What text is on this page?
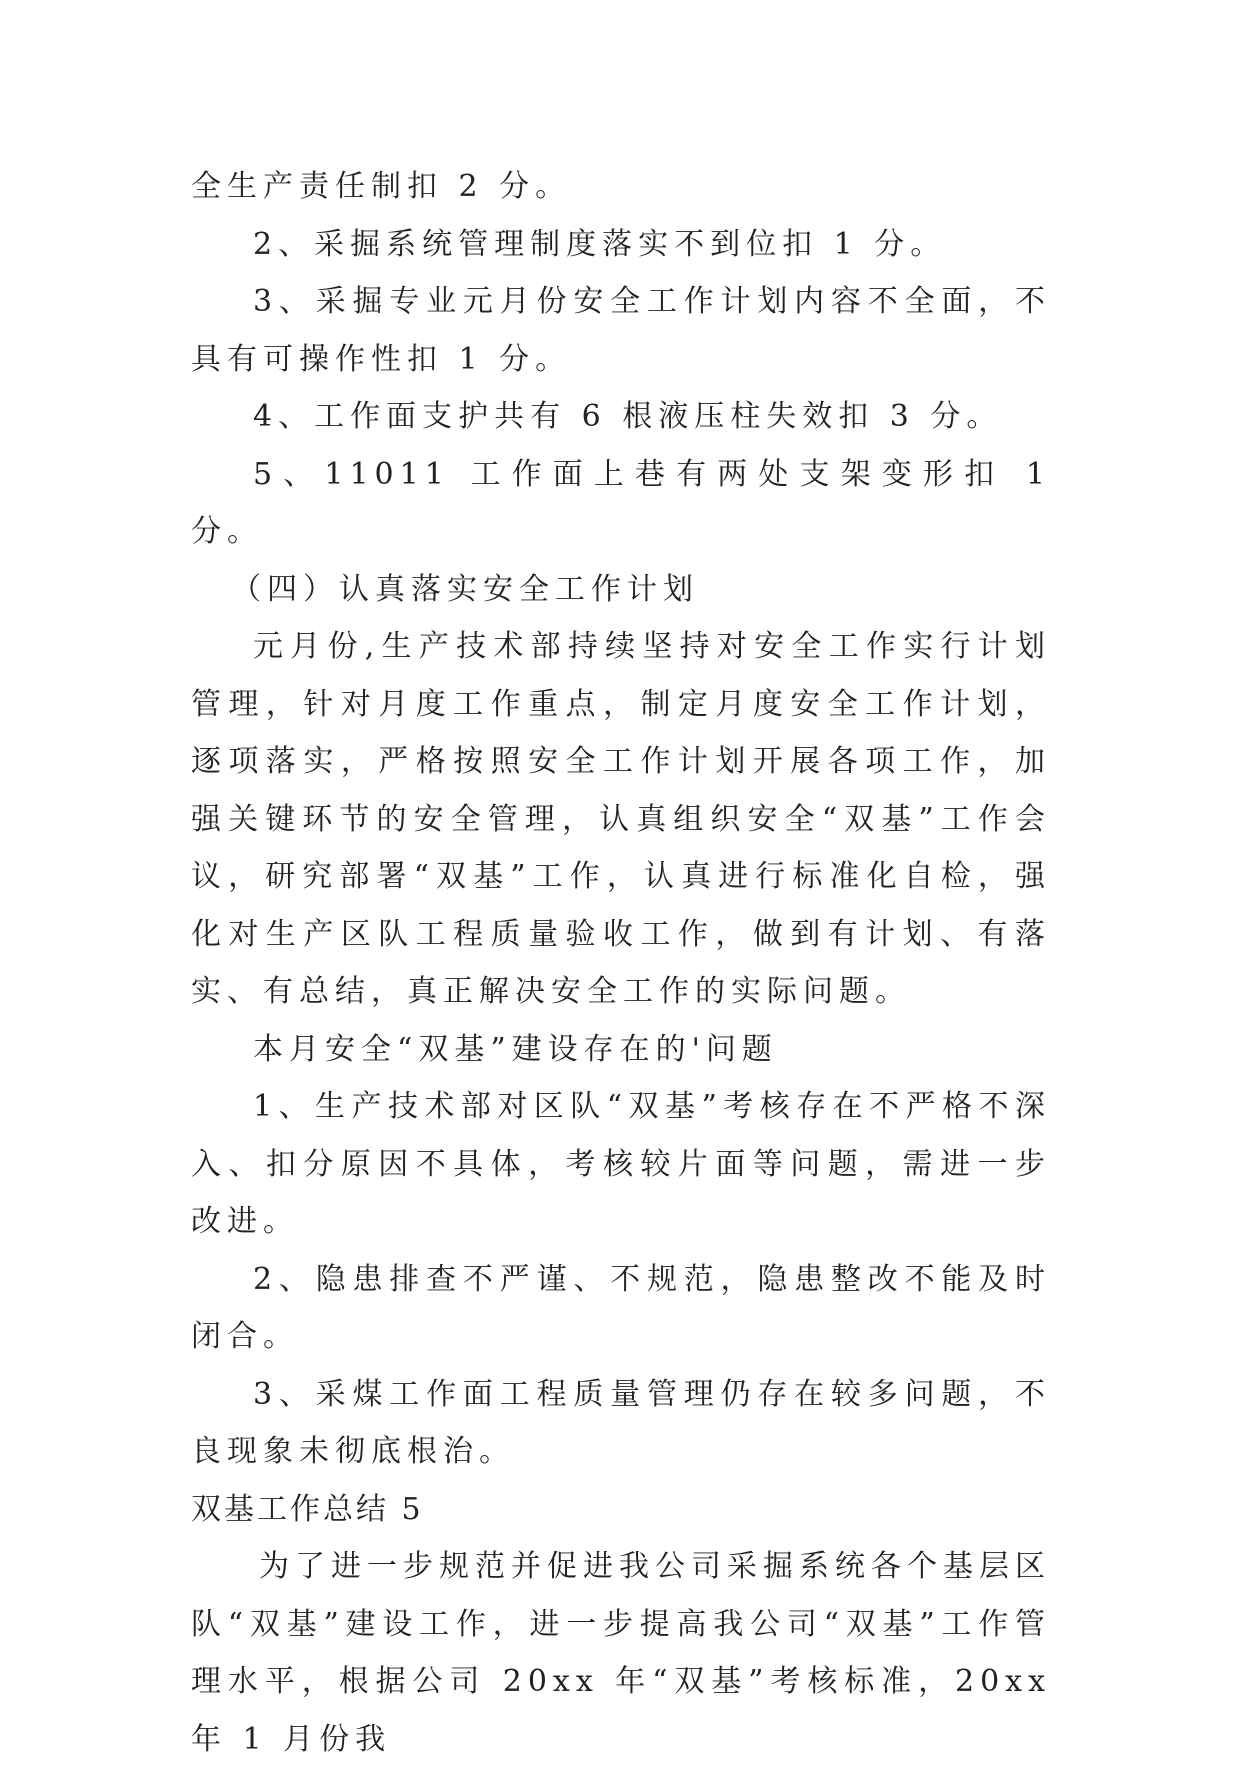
全生产责任制扣 2 分。

2、采掘系统管理制度落实不到位扣 1 分。

3、采掘专业元月份安全工作计划内容不全面，不具有可操作性扣 1 分。

4、工作面支护共有 6 根液压柱失效扣 3 分。

5、11011 工作面上巷有两处支架变形扣 1 分。

（四）认真落实安全工作计划

元月份,生产技术部持续坚持对安全工作实行计划管理，针对月度工作重点，制定月度安全工作计划，逐项落实，严格按照安全工作计划开展各项工作，加强关键环节的安全管理，认真组织安全“双基”工作会议，研究部署“双基”工作，认真进行标准化自检，强化对生产区队工程质量验收工作，做到有计划、有落实、有总结，真正解决安全工作的实际问题。

本月安全“双基”建设存在的'问题

1、生产技术部对区队“双基”考核存在不严格不深入、扣分原因不具体，考核较片面等问题，需进一步改进。

2、隐患排查不严谨、不规范，隐患整改不能及时闭合。

3、采煤工作面工程质量管理仍存在较多问题，不良现象未彻底根治。

双基工作总结 5

为了进一步规范并促进我公司采掘系统各个基层区队“双基”建设工作，进一步提高我公司“双基”工作管理水平，根据公司 20xx 年“双基”考核标准，20xx 年 1 月份我
